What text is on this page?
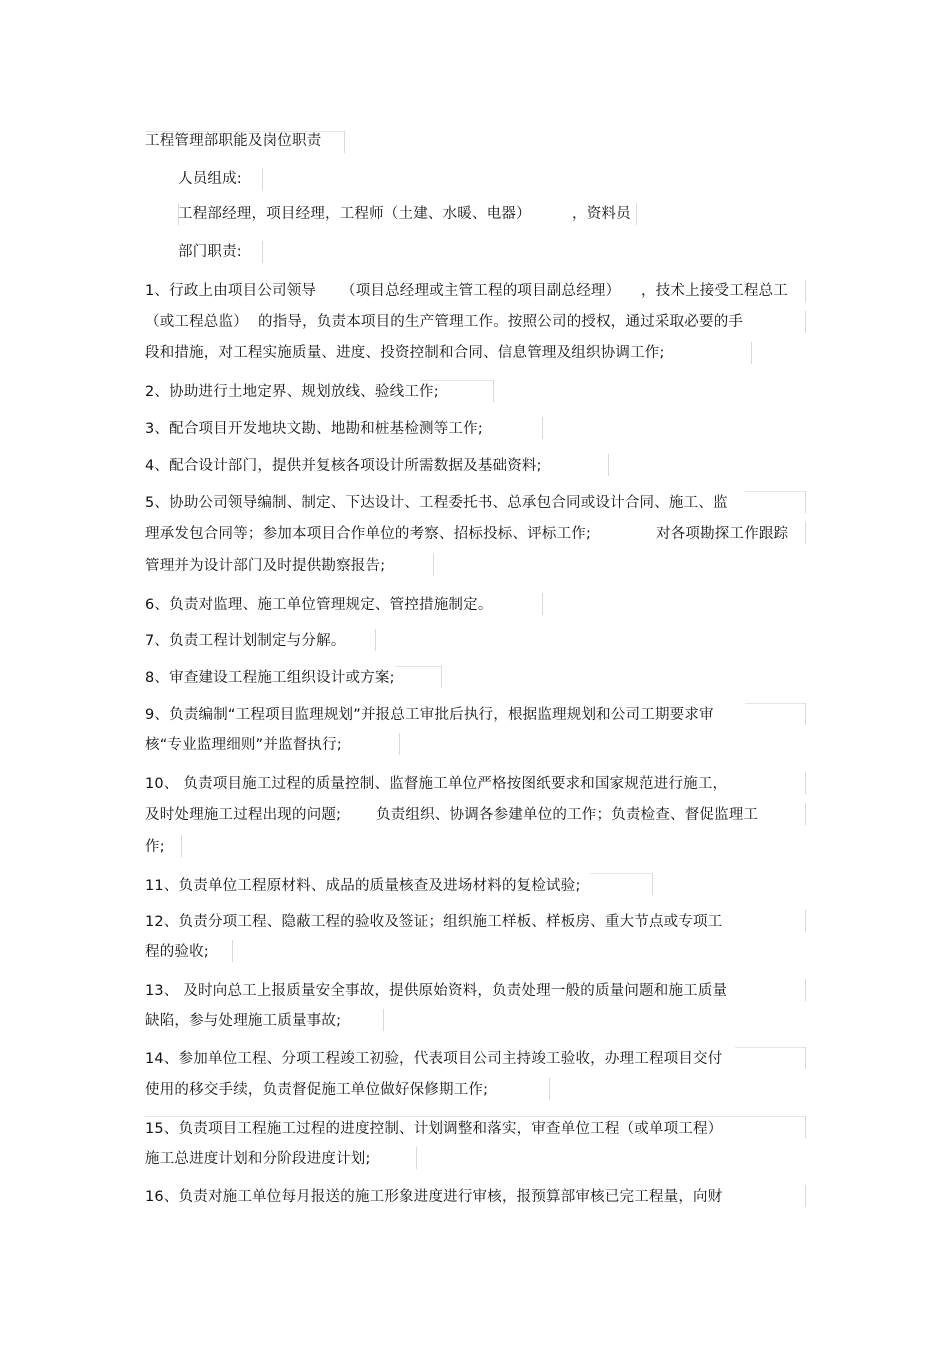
工程管理部职能及岗位职责
人员组成:
工程部经理，项目经理，工程师（土建、水暖、电器）	，资料员
部门职责:
1、行政上由项目公司领导 （项目总经理或主管工程的项目副总经理） ，技术上接受工程总工
（或工程总监） 的指导，负责本项目的生产管理工作。按照公司的授权，通过采取必要的手
段和措施，对工程实施质量、进度、投资控制和合同、信息管理及组织协调工作;
2、协助进行土地定界、规划放线、验线工作;
3、配合项目开发地块文勘、地勘和桩基检测等工作;
4、配合设计部门，提供并复核各项设计所需数据及基础资料;
5、协助公司领导编制、制定、下达设计、工程委托书、总承包合同或设计合同、施工、监
理承发包合同等；参加本项目合作单位的考察、招标投标、评标工作;	对各项勘探工作跟踪
管理并为设计部门及时提供勘察报告;
6、负责对监理、施工单位管理规定、管控措施制定。
7、负责工程计划制定与分解。
8、审查建设工程施工组织设计或方案;
9、负责编制“工程项目监理规划”并报总工审批后执行，根据监理规划和公司工期要求审
核“专业监理细则”并监督执行;
10、 负责项目施工过程的质量控制、监督施工单位严格按图纸要求和国家规范进行施工，
及时处理施工过程出现的问题; 负责组织、协调各参建单位的工作；负责检查、督促监理工
作;
11、负责单位工程原材料、成品的质量核查及进场材料的复检试验;
12、负责分项工程、隐蔽工程的验收及签证；组织施工样板、样板房、重大节点或专项工
程的验收;
13、 及时向总工上报质量安全事故，提供原始资料，负责处理一般的质量问题和施工质量
缺陷，参与处理施工质量事故;
14、参加单位工程、分项工程竣工初验，代表项目公司主持竣工验收，办理工程项目交付
使用的移交手续，负责督促施工单位做好保修期工作;
15、负责项目工程施工过程的进度控制、计划调整和落实，审查单位工程（或单项工程）
施工总进度计划和分阶段进度计划;
16、负责对施工单位每月报送的施工形象进度进行审核，报预算部审核已完工程量，向财
